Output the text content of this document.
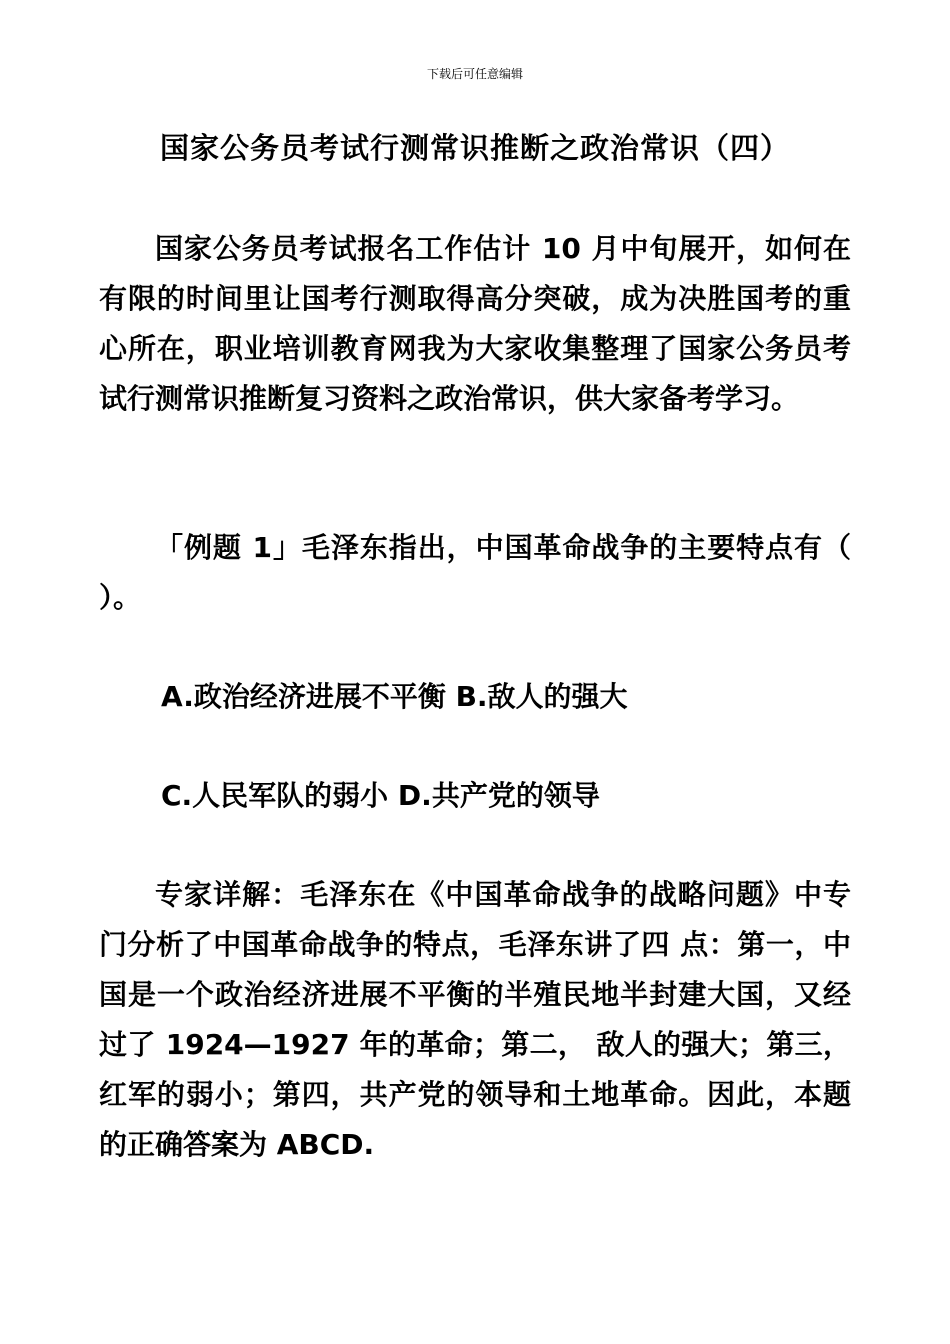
下载后可任意编辑
国家公务员考试行测常识推断之政治常识（四）

国家公务员考试报名工作估计 10 月中旬展开，如何在有限的时间里让国考行测取得高分突破，成为决胜国考的重心所在，职业培训教育网我为大家收集整理了国家公务员考试行测常识推断复习资料之政治常识，供大家备考学习。

「例题 1」毛泽东指出，中国革命战争的主要特点有（ ）。

A.政治经济进展不平衡 B.敌人的强大

C.人民军队的弱小 D.共产党的领导

专家详解：毛泽东在《中国革命战争的战略问题》中专门分析了中国革命战争的特点，毛泽东讲了四 点：第一，中国是一个政治经济进展不平衡的半殖民地半封建大国，又经过了 1924—1927 年的革命；第二， 敌人的强大；第三，红军的弱小；第四，共产党的领导和土地革命。因此，本题的正确答案为 ABCD.
